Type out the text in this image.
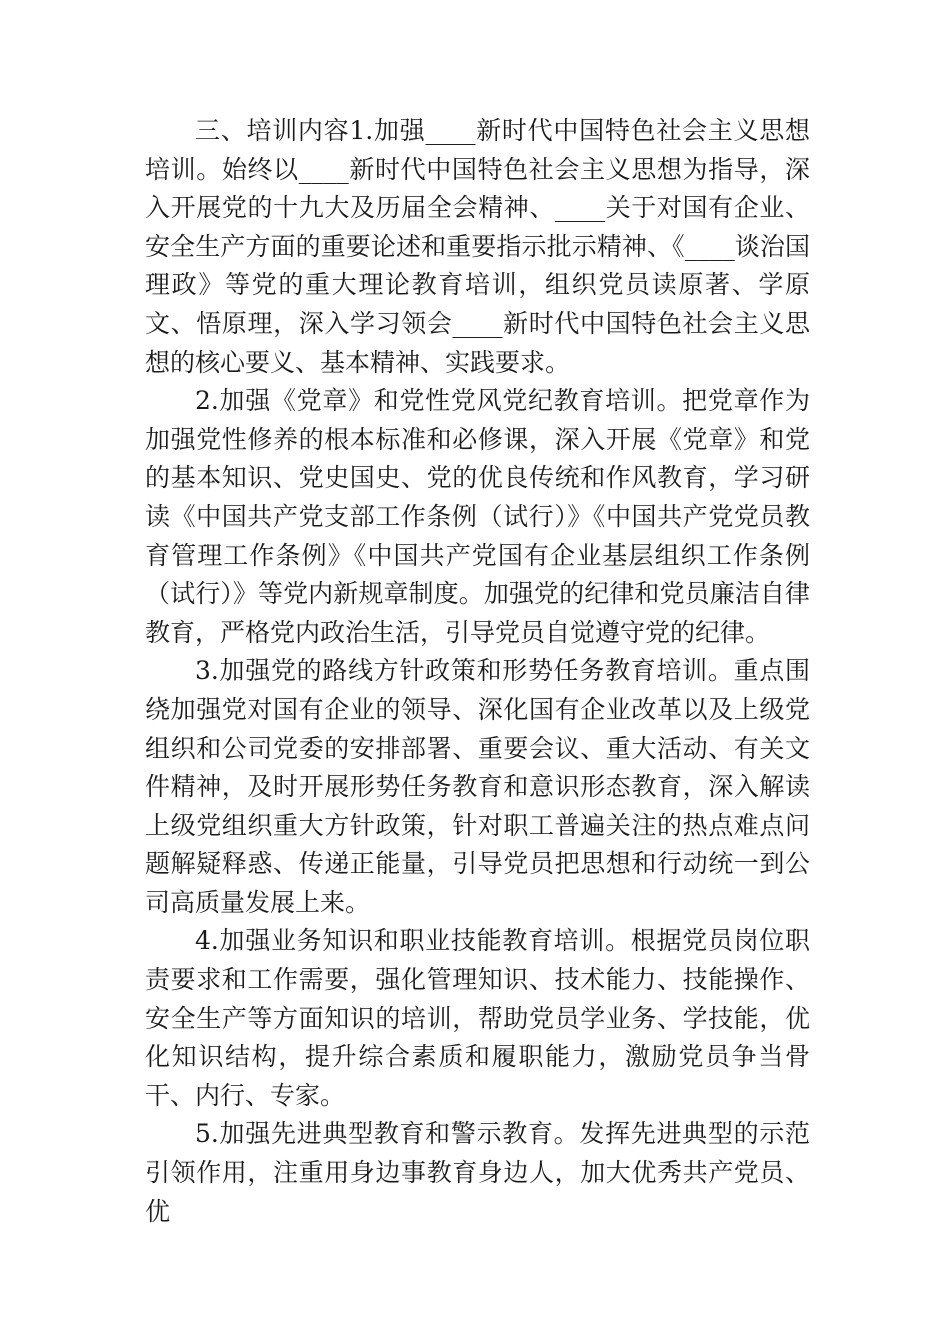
三、培训内容1.加强____新时代中国特色社会主义思想培训。始终以____新时代中国特色社会主义思想为指导，深入开展党的十九大及历届全会精神、____关于对国有企业、安全生产方面的重要论述和重要指示批示精神、《____谈治国理政》等党的重大理论教育培训，组织党员读原著、学原文、悟原理，深入学习领会____新时代中国特色社会主义思想的核心要义、基本精神、实践要求。

2.加强《党章》和党性党风党纪教育培训。把党章作为加强党性修养的根本标准和必修课，深入开展《党章》和党的基本知识、党史国史、党的优良传统和作风教育，学习研读《中国共产党支部工作条例（试行）》《中国共产党党员教育管理工作条例》《中国共产党国有企业基层组织工作条例（试行）》等党内新规章制度。加强党的纪律和党员廉洁自律教育，严格党内政治生活，引导党员自觉遵守党的纪律。

3.加强党的路线方针政策和形势任务教育培训。重点围绕加强党对国有企业的领导、深化国有企业改革以及上级党组织和公司党委的安排部署、重要会议、重大活动、有关文件精神，及时开展形势任务教育和意识形态教育，深入解读上级党组织重大方针政策，针对职工普遍关注的热点难点问题解疑释惑、传递正能量，引导党员把思想和行动统一到公司高质量发展上来。

4.加强业务知识和职业技能教育培训。根据党员岗位职责要求和工作需要，强化管理知识、技术能力、技能操作、安全生产等方面知识的培训，帮助党员学业务、学技能，优化知识结构，提升综合素质和履职能力，激励党员争当骨干、内行、专家。

5.加强先进典型教育和警示教育。发挥先进典型的示范引领作用，注重用身边事教育身边人，加大优秀共产党员、优
